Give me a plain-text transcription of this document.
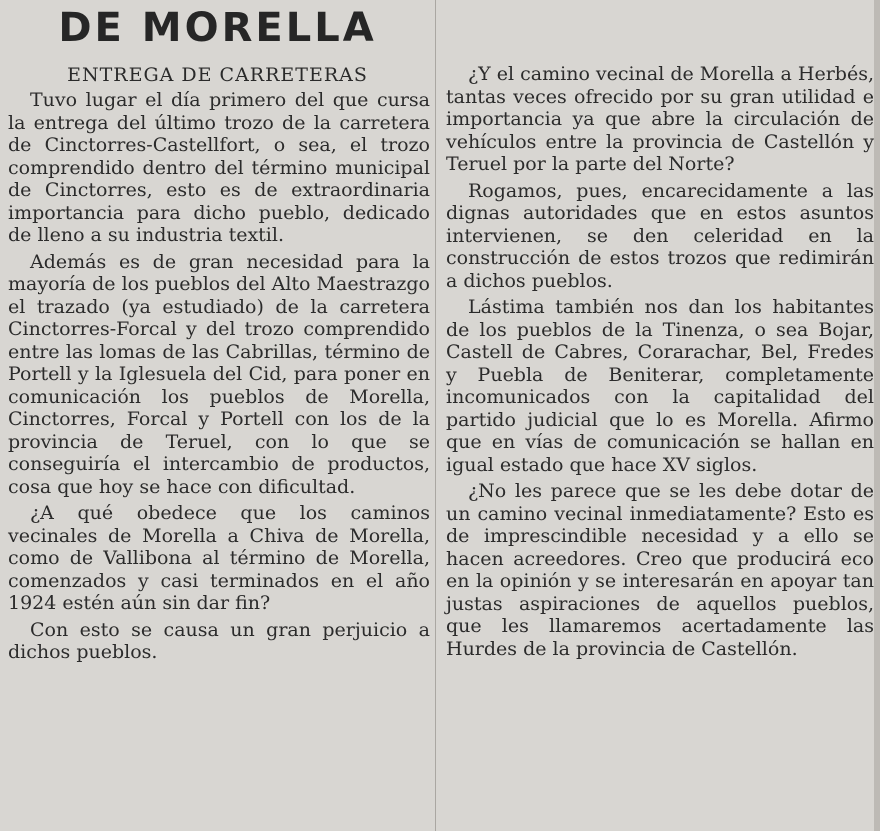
DE MORELLA
ENTREGA DE CARRETERAS

Tuvo lugar el día primero del que cursa la entrega del último trozo de la carretera de Cinctorres-Castellfort, o sea, el trozo comprendido dentro del término municipal de Cinctorres, esto es de extraordinaria importancia para dicho pueblo, dedicado de lleno a su industria textil.

Además es de gran necesidad para la mayoría de los pueblos del Alto Maestrazgo el trazado (ya estudiado) de la carretera Cinctorres-Forcal y del trozo comprendido entre las lomas de las Cabrillas, término de Portell y la Iglesuela del Cid, para poner en comunicación los pueblos de Morella, Cinctorres, Forcal y Portell con los de la provincia de Teruel, con lo que se conseguiría el intercambio de productos, cosa que hoy se hace con dificultad.

¿A qué obedece que los caminos vecinales de Morella a Chiva de Morella, como de Vallibona al término de Morella, comenzados y casi terminados en el año 1924 estén aún sin dar fin?

Con esto se causa un gran perjuicio a dichos pueblos.

¿Y el camino vecinal de Morella a Herbés, tantas veces ofrecido por su gran utilidad e importancia ya que abre la circulación de vehículos entre la provincia de Castellón y Teruel por la parte del Norte?

Rogamos, pues, encarecidamente a las dignas autoridades que en estos asuntos intervienen, se den celeridad en la construcción de estos trozos que redimirán a dichos pueblos.

Lástima también nos dan los habitantes de los pueblos de la Tinenza, o sea Bojar, Castell de Cabres, Corarachar, Bel, Fredes y Puebla de Beniterar, completamente incomunicados con la capitalidad del partido judicial que lo es Morella. Afirmo que en vías de comunicación se hallan en igual estado que hace XV siglos.

¿No les parece que se les debe dotar de un camino vecinal inmediatamente? Esto es de imprescindible necesidad y a ello se hacen acreedores. Creo que producirá eco en la opinión y se interesarán en apoyar tan justas aspiraciones de aquellos pueblos, que les llamaremos acertadamente las Hurdes de la provincia de Castellón.
